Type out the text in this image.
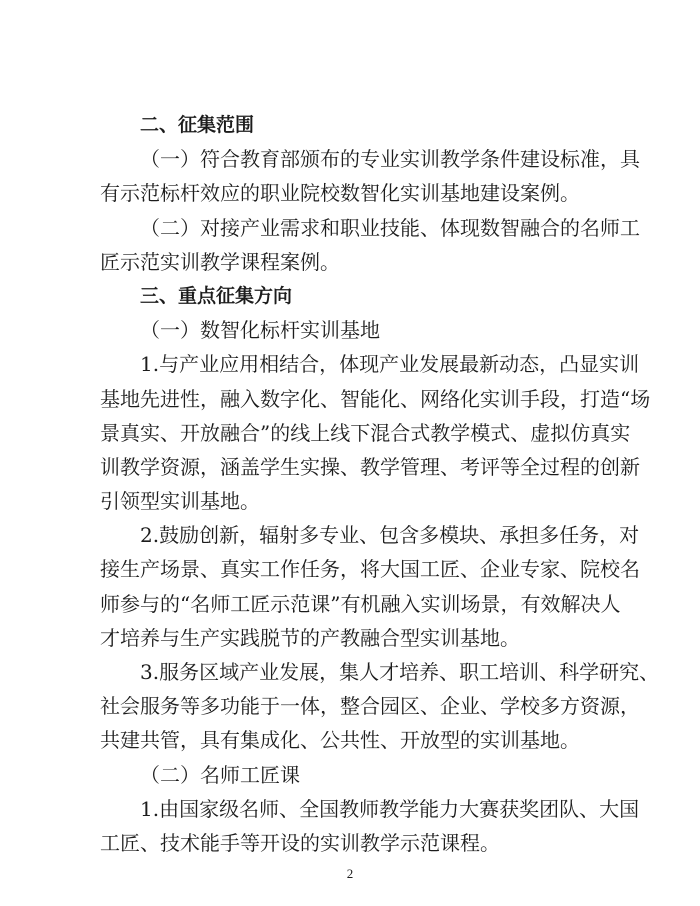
二、征集范围
（一）符合教育部颁布的专业实训教学条件建设标准，具
有示范标杆效应的职业院校数智化实训基地建设案例。
（二）对接产业需求和职业技能、体现数智融合的名师工
匠示范实训教学课程案例。
三、重点征集方向
（一）数智化标杆实训基地
1.与产业应用相结合，体现产业发展最新动态，凸显实训
基地先进性，融入数字化、智能化、网络化实训手段，打造“场
景真实、开放融合”的线上线下混合式教学模式、虚拟仿真实
训教学资源，涵盖学生实操、教学管理、考评等全过程的创新
引领型实训基地。
2.鼓励创新，辐射多专业、包含多模块、承担多任务，对
接生产场景、真实工作任务，将大国工匠、企业专家、院校名
师参与的“名师工匠示范课”有机融入实训场景，有效解决人
才培养与生产实践脱节的产教融合型实训基地。
3.服务区域产业发展，集人才培养、职工培训、科学研究、
社会服务等多功能于一体，整合园区、企业、学校多方资源，
共建共管，具有集成化、公共性、开放型的实训基地。
（二）名师工匠课
1.由国家级名师、全国教师教学能力大赛获奖团队、大国
工匠、技术能手等开设的实训教学示范课程。
2
